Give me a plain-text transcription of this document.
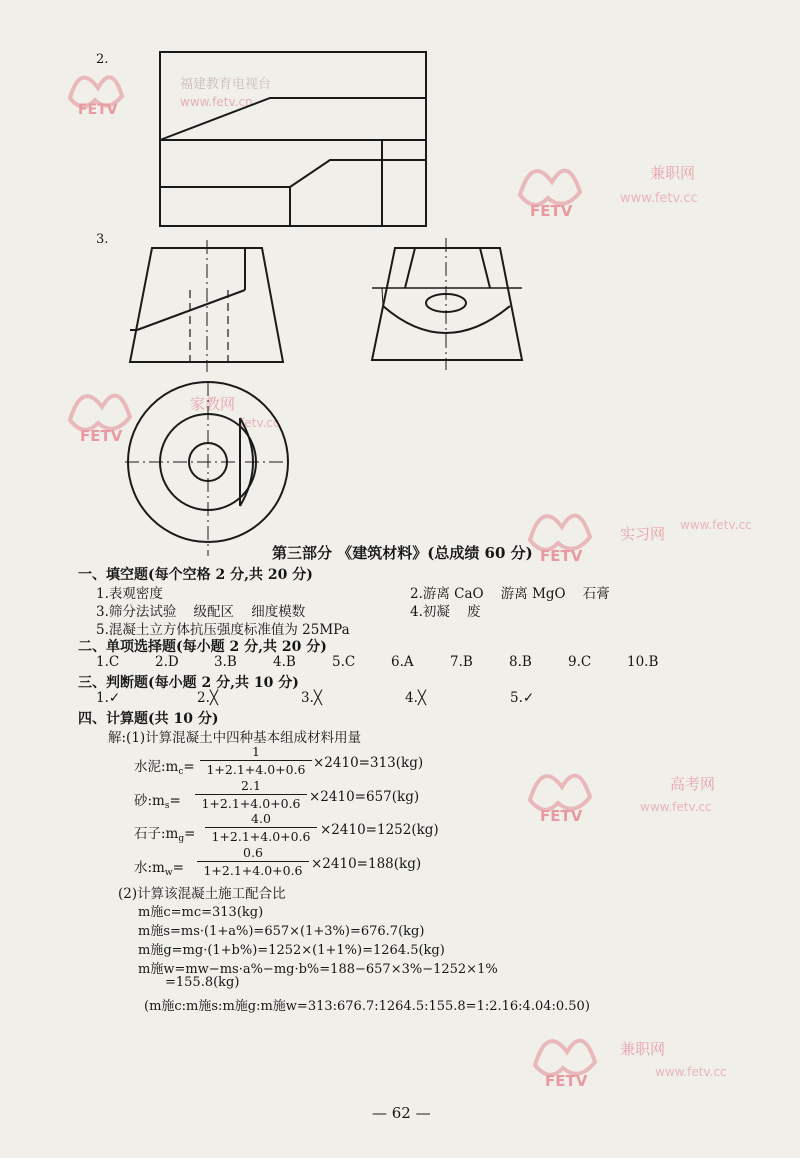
FETV
福建教育电视台
www.fetv.cn
FETV
兼职网
www.fetv.cc
FETV
家教网
fetv.cc
FETV
实习网 www.fetv.cc
FETV
高考网
www.fetv.cc
FETV
兼职网
www.fetv.cc
2.
3.
第三部分 《建筑材料》(总成绩 60 分)
一、填空题(每个空格 2 分,共 20 分)
1.表观密度	2.游离 CaO    游离 MgO    石膏
3.筛分法试验    级配区    细度模数	4.初凝    废
5.混凝土立方体抗压强度标准值为 25MPa
二、单项选择题(每小题 2 分,共 20 分)
1.C	2.D	3.B	4.B	5.C	6.A	7.B	8.B	9.C	10.B
三、判断题(每小题 2 分,共 10 分)
1.✓	2.╳	3.╳	4.╳	5.✓
四、计算题(共 10 分)
解:(1)计算混凝土中四种基本组成材料用量
水泥$:m_c=$
1
1+2.1+4.0+0.6 ×2410=313(kg)
砂$:m_s=$
2.1
1+2.1+4.0+0.6 ×2410=657(kg)
石子$:m_g=$
4.0
1+2.1+4.0+0.6 ×2410=1252(kg)
水$:m_w=$
0.6
1+2.1+4.0+0.6 ×2410=188(kg)
(2)计算该混凝土施工配合比
m施c=mc=313(kg)
m施s=ms·(1+a%)=657×(1+3%)=676.7(kg)
m施g=mg·(1+b%)=1252×(1+1%)=1264.5(kg)
m施w=mw−ms·a%−mg·b%=188−657×3%−1252×1%
=155.8(kg)
(m施c:m施s:m施g:m施w=313:676.7:1264.5:155.8=1:2.16:4.04:0.50)
— 62 —
